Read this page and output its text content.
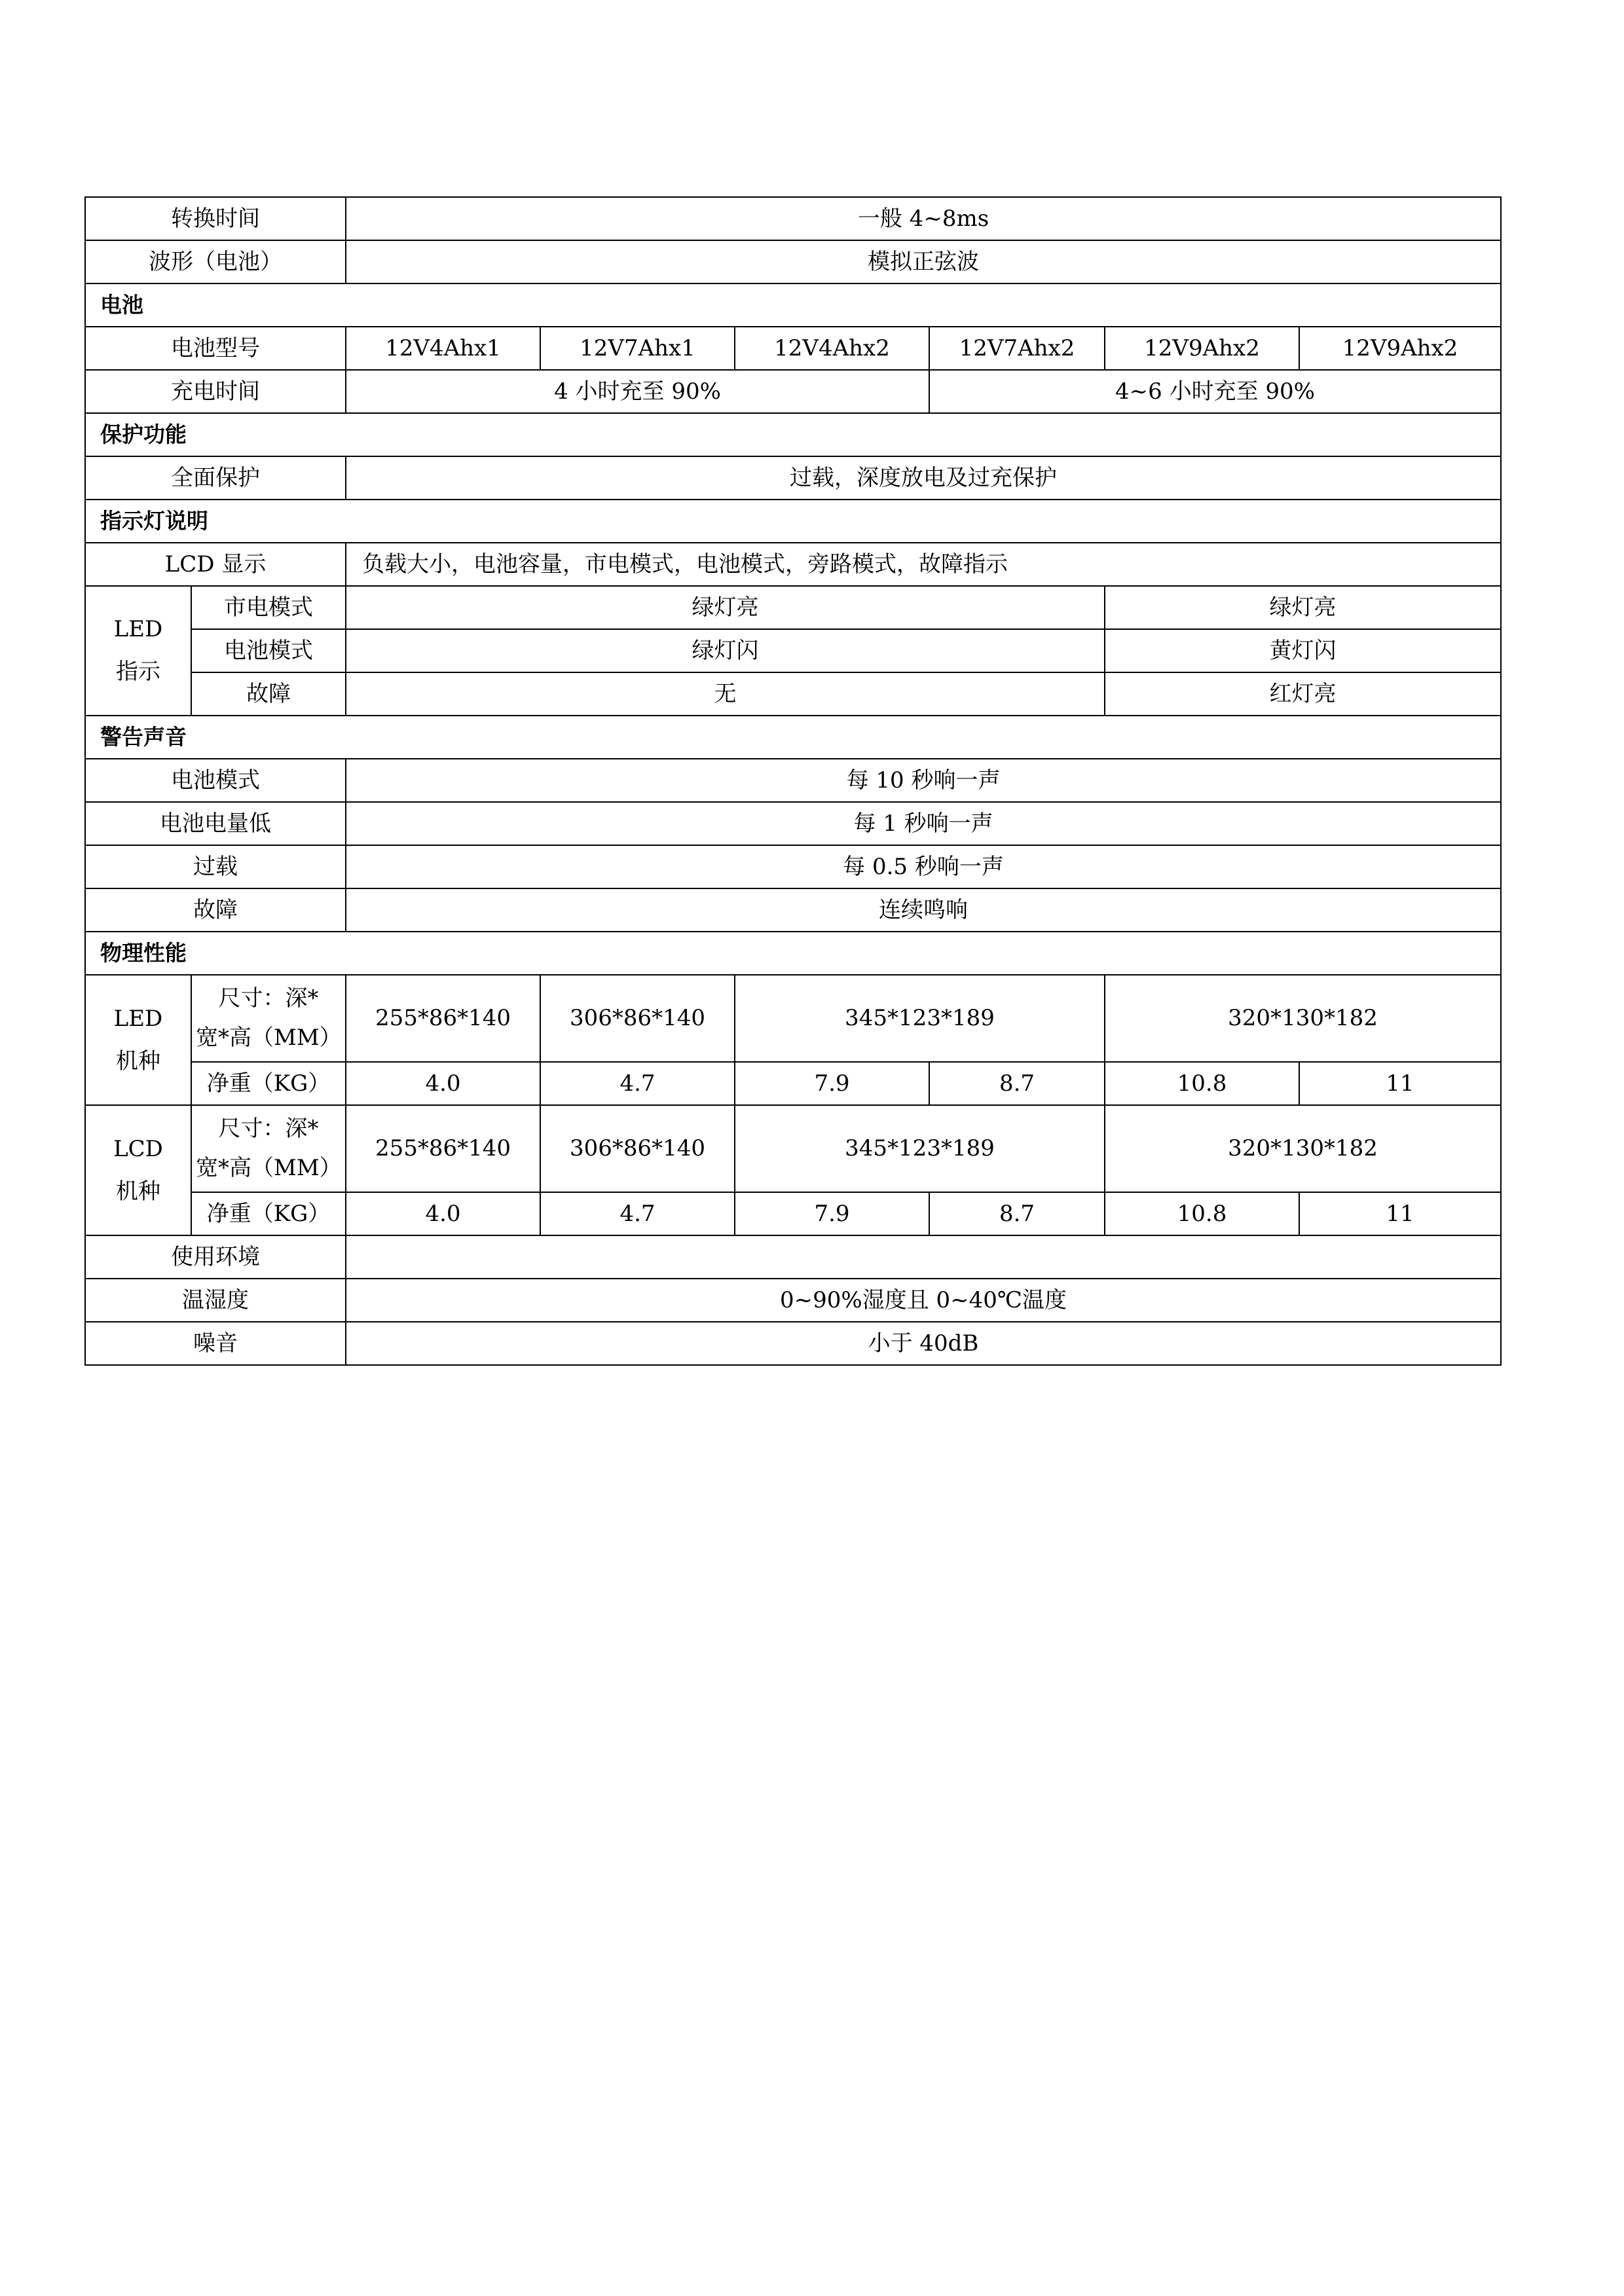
转换时间		一般 4~8ms					
波形（电池）		模拟正弦波					
电池							
电池型号		12V4Ahx1	12V7Ahx1	12V4Ahx2	12V7Ahx2	12V9Ahx2	12V9Ahx2
充电时间		4 小时充至 90%			4~6 小时充至 90%		
保护功能							
全面保护		过载，深度放电及过充保护					
指示灯说明							
LCD 显示		负载大小，电池容量，市电模式，电池模式，旁路模式，故障指示					
LED
指示	市电模式	绿灯亮				绿灯亮	
	电池模式	绿灯闪				黄灯闪	
	故障	无				红灯亮	
警告声音							
电池模式		每 10 秒响一声					
电池电量低		每 1 秒响一声					
过载		每 0.5 秒响一声					
故障		连续鸣响					
物理性能							
LED
机种	尺寸：深*
宽*高（MM）	255*86*140	306*86*140	345*123*189		320*130*182	
	净重（KG）	4.0	4.7	7.9	8.7	10.8	11
LCD
机种	尺寸：深*
宽*高（MM）	255*86*140	306*86*140	345*123*189		320*130*182	
	净重（KG）	4.0	4.7	7.9	8.7	10.8	11
使用环境							
温湿度		0~90%湿度且 0~40℃温度					
噪音		小于 40dB					
